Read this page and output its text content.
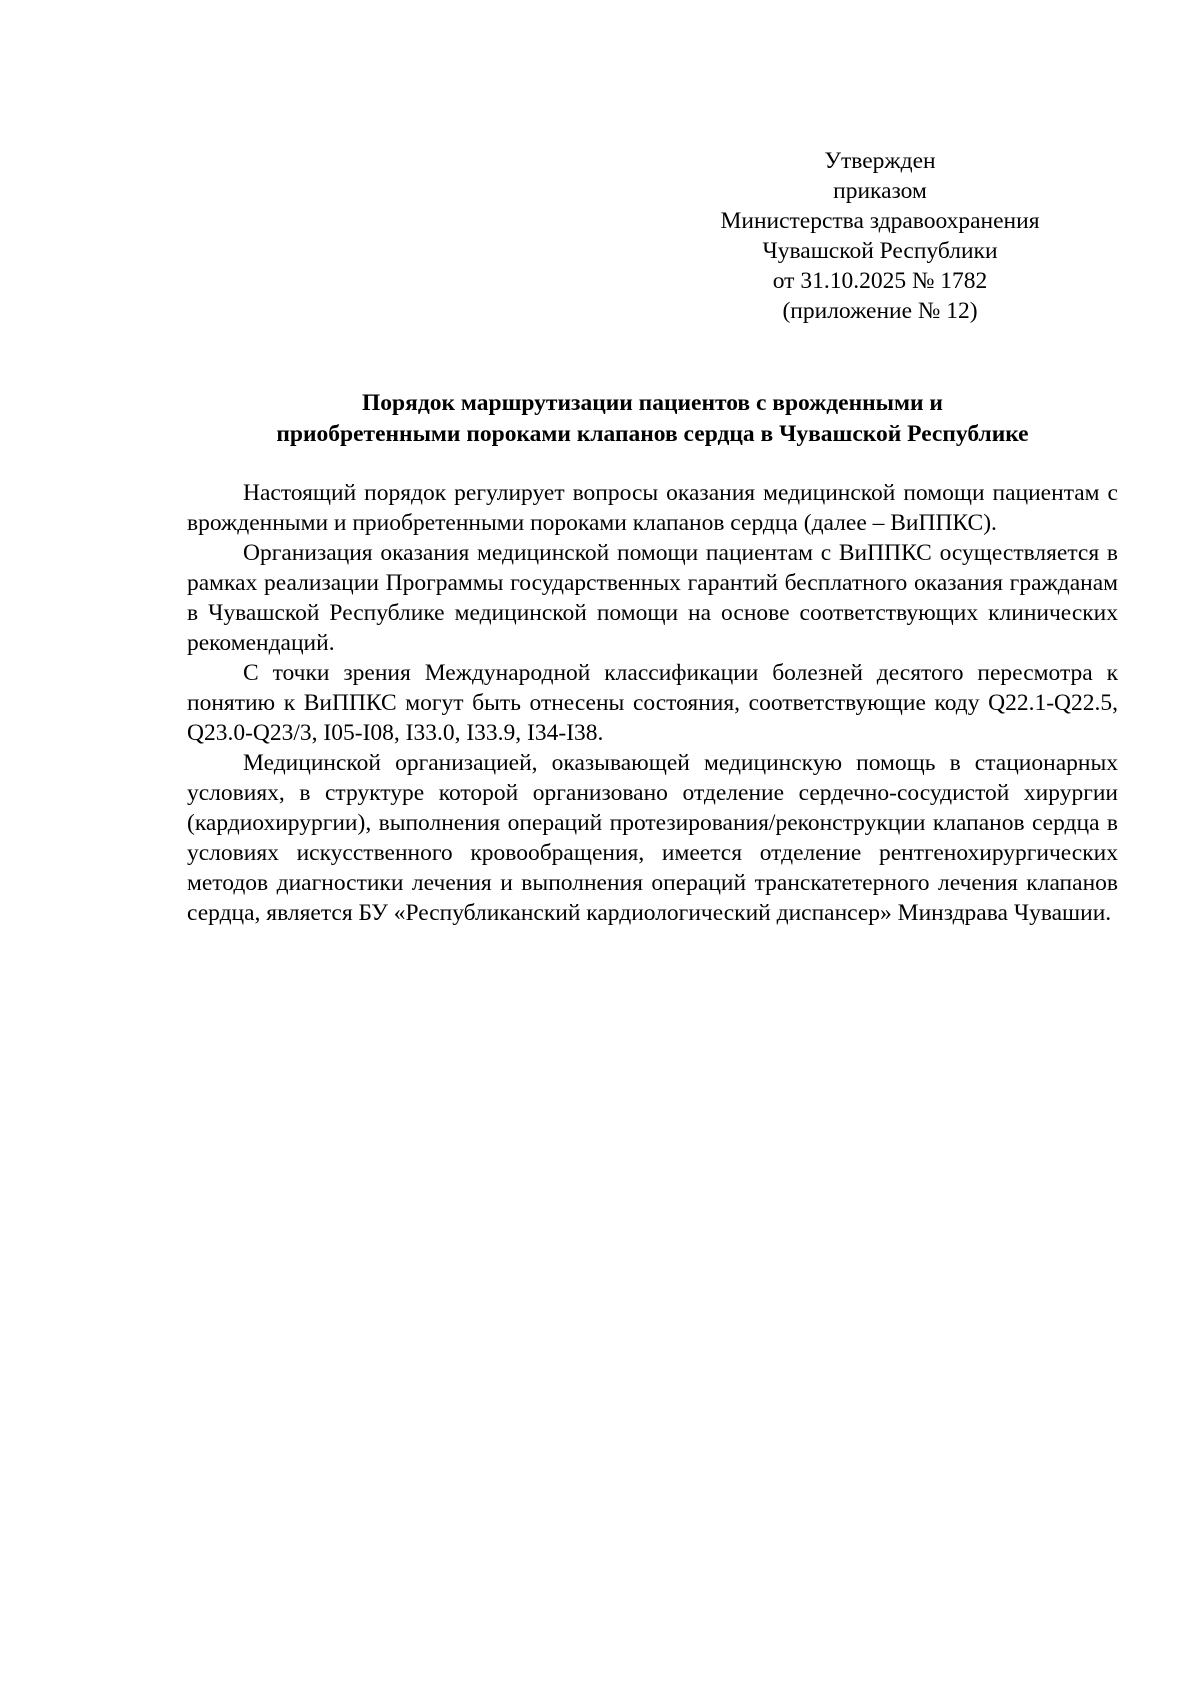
Утвержден
приказом
Министерства здравоохранения
Чувашской Республики
от 31.10.2025 № 1782
(приложение № 12)
Порядок маршрутизации пациентов с врожденными и
приобретенными пороками клапанов сердца в Чувашской Республике

Настоящий порядок регулирует вопросы оказания медицинской помощи пациентам с врожденными и приобретенными пороками клапанов сердца (далее – ВиППКС).

Организация оказания медицинской помощи пациентам с ВиППКС осуществляется в рамках реализации Программы государственных гарантий бесплатного оказания гражданам в Чувашской Республике медицинской помощи на основе соответствующих клинических рекомендаций.

С точки зрения Международной классификации болезней десятого пересмотра к понятию к ВиППКС могут быть отнесены состояния, соответствующие коду Q22.1-Q22.5, Q23.0-Q23/3, I05-I08, I33.0, I33.9, I34-I38.

Медицинской организацией, оказывающей медицинскую помощь в стационарных условиях, в структуре которой организовано отделение сердечно-сосудистой хирургии (кардиохирургии), выполнения операций протезирования/реконструкции клапанов сердца в условиях искусственного кровообращения, имеется отделение рентгенохирургических методов диагностики лечения и выполнения операций транскатетерного лечения клапанов сердца, является БУ «Республиканский кардиологический диспансер» Минздрава Чувашии.
